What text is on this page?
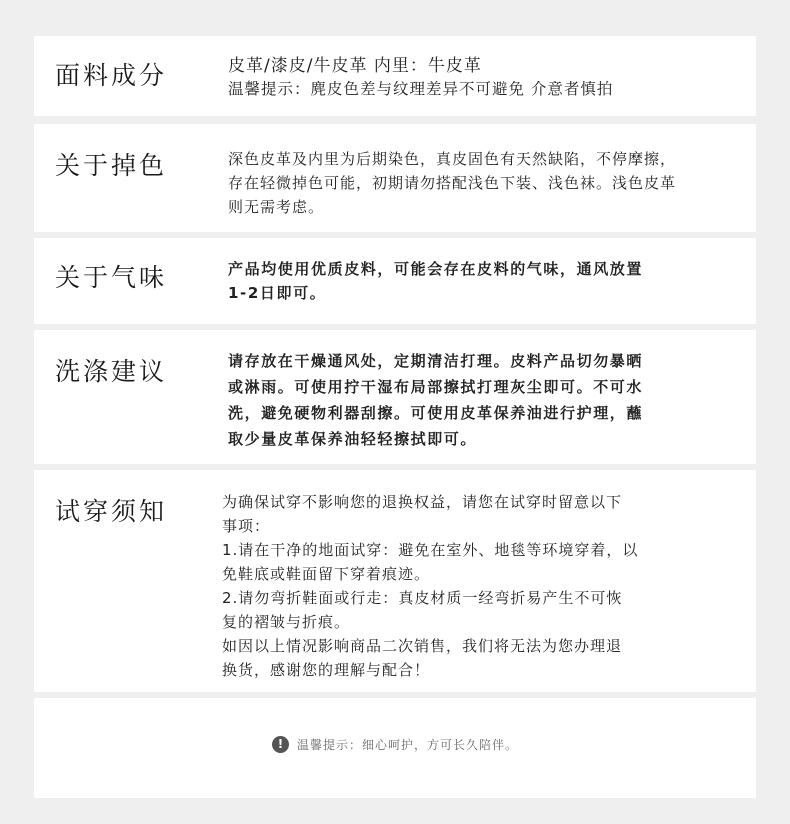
面料成分	皮革/漆皮/牛皮革 内里：牛皮革
温馨提示：麂皮色差与纹理差异不可避免 介意者慎拍
关于掉色	深色皮革及内里为后期染色，真皮固色有天然缺陷，不停摩擦，
存在轻微掉色可能，初期请勿搭配浅色下装、浅色袜。浅色皮革
则无需考虑。
关于气味	产品均使用优质皮料，可能会存在皮料的气味，通风放置
1-2日即可。
洗涤建议	请存放在干燥通风处，定期清洁打理。皮料产品切勿暴晒
或淋雨。可使用拧干湿布局部擦拭打理灰尘即可。不可水
洗，避免硬物利器刮擦。可使用皮革保养油进行护理，蘸
取少量皮革保养油轻轻擦拭即可。
试穿须知	为确保试穿不影响您的退换权益，请您在试穿时留意以下
事项：
1.请在干净的地面试穿：避免在室外、地毯等环境穿着，以
免鞋底或鞋面留下穿着痕迹。
2.请勿弯折鞋面或行走：真皮材质一经弯折易产生不可恢
复的褶皱与折痕。
如因以上情况影响商品二次销售，我们将无法为您办理退
换货，感谢您的理解与配合！
!	温馨提示：细心呵护，方可长久陪伴。
